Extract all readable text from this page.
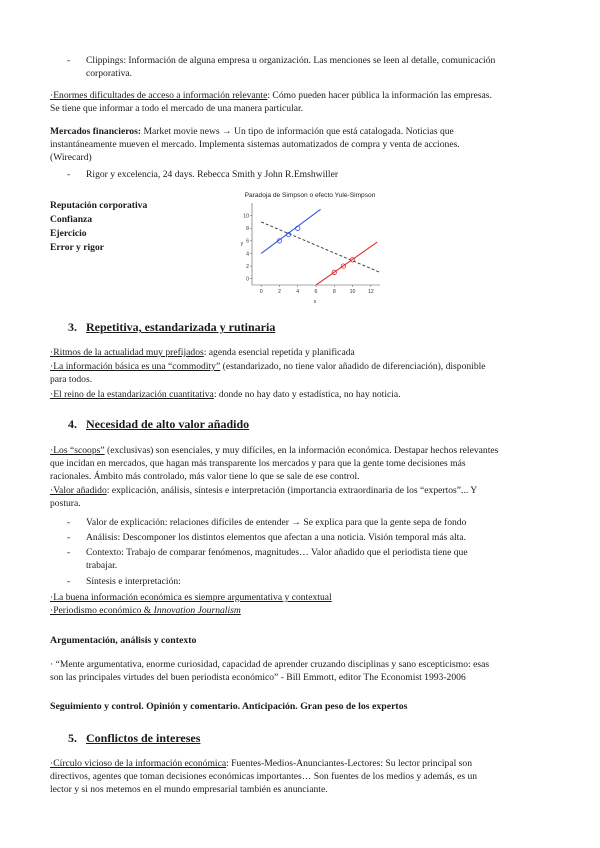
- Clippings: Información de alguna empresa u organización. Las menciones se leen al detalle, comunicación

corporativa.

·Enormes dificultades de acceso a información relevante: Cómo pueden hacer pública la información las empresas.

Se tiene que informar a todo el mercado de una manera particular.

Mercados financieros: Market movie news → Un tipo de información que está catalogada. Noticias que

instantáneamente mueven el mercado. Implementa sistemas automatizados de compra y venta de acciones.

(Wirecard)

- Rigor y excelencia, 24 days. Rebecca Smith y John R.Emshwiller

Reputación corporativa

Confianza

Ejercicio

Error y rigor

Paradoja de Simpson o efecto Yule-Simpson
0	2	4	6	8	10 12
0
2
4
6
8
10
y
x

3. Repetitiva, estandarizada y rutinaria

·Ritmos de la actualidad muy prefijados: agenda esencial repetida y planificada

·La información básica es una “commodity” (estandarizado, no tiene valor añadido de diferenciación), disponible

para todos.

·El reino de la estandarización cuantitativa: donde no hay dato y estadística, no hay noticia.

4. Necesidad de alto valor añadido

·Los “scoops” (exclusivas) son esenciales, y muy difíciles, en la información económica. Destapar hechos relevantes

que incidan en mercados, que hagan más transparente los mercados y para que la gente tome decisiones más

racionales. Ámbito más controlado, más valor tiene lo que se sale de ese control.

·Valor añadido: explicación, análisis, síntesis e interpretación (importancia extraordinaria de los “expertos”... Y

postura.

- Valor de explicación: relaciones difíciles de entender → Se explica para que la gente sepa de fondo

- Análisis: Descomponer los distintos elementos que afectan a una noticia. Visión temporal más alta.

- Contexto: Trabajo de comparar fenómenos, magnitudes… Valor añadido que el periodista tiene que

trabajar.

- Síntesis e interpretación:

·La buena información económica es siempre argumentativa y contextual

·Periodismo económico & Innovation Journalism

Argumentación, análisis y contexto

· “Mente argumentativa, enorme curiosidad, capacidad de aprender cruzando disciplinas y sano escepticismo: esas

son las principales virtudes del buen periodista económico” - Bill Emmott, editor The Economist 1993-2006

Seguimiento y control. Opinión y comentario. Anticipación. Gran peso de los expertos

5. Conflictos de intereses

·Círculo vicioso de la información económica: Fuentes-Medios-Anunciantes-Lectores: Su lector principal son

directivos, agentes que toman decisiones económicas importantes… Son fuentes de los medios y además, es un

lector y si nos metemos en el mundo empresarial también es anunciante.
